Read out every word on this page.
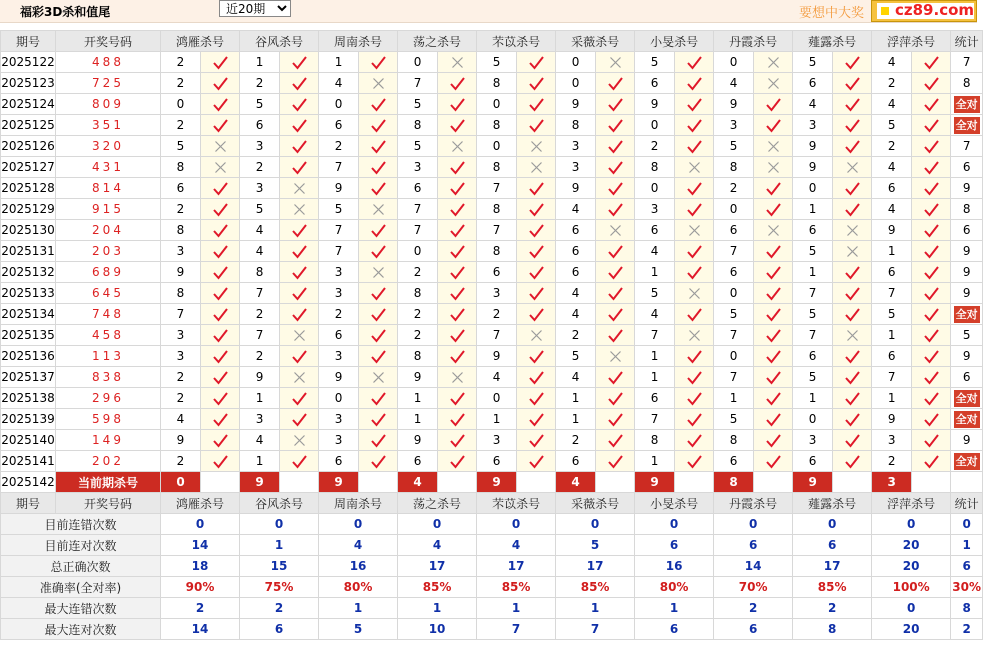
福彩3D杀和值尾
近20期	要想中大奖 cz89.com
期号	开奖号码	鸿雁杀号		谷风杀号		周南杀号		荡之杀号		芣苡杀号		采薇杀号		小旻杀号		丹霞杀号		薤露杀号		浮萍杀号		统计
2025122	488	2		1		1		0		5		0		5		0		5		4		7
2025123	725	2		2		4		7		8		0		6		4		6		2		8
2025124	809	0		5		0		5		0		9		9		9		4		4		全对
2025125	351	2		6		6		8		8		8		0		3		3		5		全对
2025126	320	5		3		2		5		0		3		2		5		9		2		7
2025127	431	8		2		7		3		8		3		8		8		9		4		6
2025128	814	6		3		9		6		7		9		0		2		0		6		9
2025129	915	2		5		5		7		8		4		3		0		1		4		8
2025130	204	8		4		7		7		7		6		6		6		6		9		6
2025131	203	3		4		7		0		8		6		4		7		5		1		9
2025132	689	9		8		3		2		6		6		1		6		1		6		9
2025133	645	8		7		3		8		3		4		5		0		7		7		9
2025134	748	7		2		2		2		2		4		4		5		5		5		全对
2025135	458	3		7		6		2		7		2		7		7		7		1		5
2025136	113	3		2		3		8		9		5		1		0		6		6		9
2025137	838	2		9		9		9		4		4		1		7		5		7		6
2025138	296	2		1		0		1		0		1		6		1		1		1		全对
2025139	598	4		3		3		1		1		1		7		5		0		9		全对
2025140	149	9		4		3		9		3		2		8		8		3		3		9
2025141	202	2		1		6		6		6		6		1		6		6		2		全对
2025142	当前期杀号	0		9		9		4		9		4		9		8		9		3		
期号	开奖号码	鸿雁杀号		谷风杀号		周南杀号		荡之杀号		芣苡杀号		采薇杀号		小旻杀号		丹霞杀号		薤露杀号		浮萍杀号		统计
目前连错次数		0		0		0		0		0		0		0		0		0		0		0
目前连对次数		14		1		4		4		4		5		6		6		6		20		1
总正确次数		18		15		16		17		17		17		16		14		17		20		6
准确率(全对率)		90%		75%		80%		85%		85%		85%		80%		70%		85%		100%		30%
最大连错次数		2		2		1		1		1		1		1		2		2		0		8
最大连对次数		14		6		5		10		7		7		6		6		8		20		2
